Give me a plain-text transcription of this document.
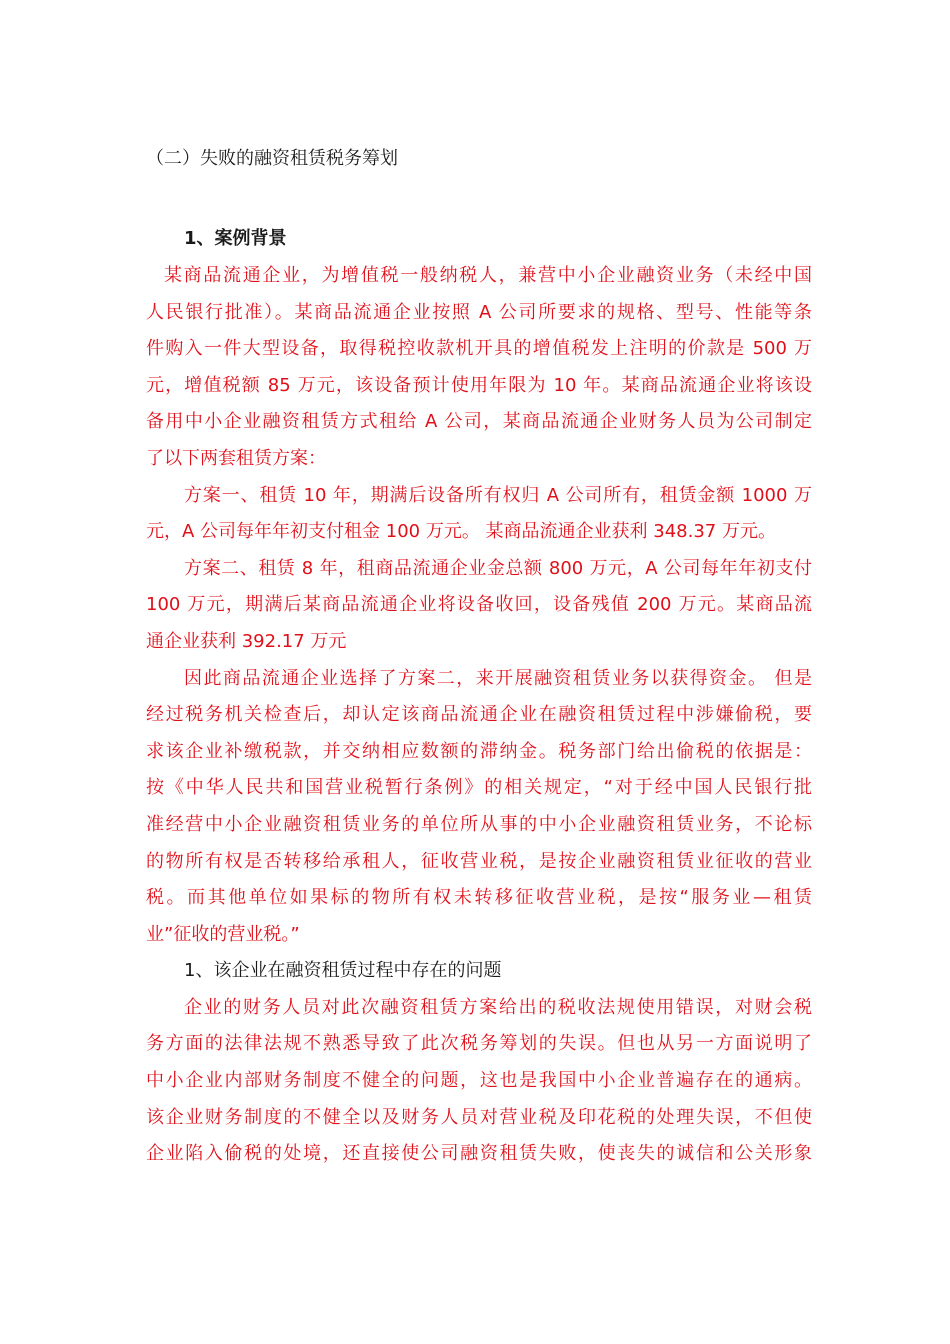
（二）失败的融资租赁税务筹划
1、案例背景
某商品流通企业，为增值税一般纳税人，兼营中小企业融资业务（未经中国
人民银行批准）。某商品流通企业按照 A 公司所要求的规格、型号、性能等条
件购入一件大型设备，取得税控收款机开具的增值税发上注明的价款是 500 万
元，增值税额 85 万元，该设备预计使用年限为 10 年。某商品流通企业将该设
备用中小企业融资租赁方式租给 A 公司，某商品流通企业财务人员为公司制定
了以下两套租赁方案：
方案一、租赁 10 年，期满后设备所有权归 A 公司所有，租赁金额 1000 万
元，A 公司每年年初支付租金 100 万元。 某商品流通企业获利 348.37 万元。
方案二、租赁 8 年，租商品流通企业金总额 800 万元，A 公司每年年初支付
100 万元，期满后某商品流通企业将设备收回，设备残值 200 万元。某商品流
通企业获利 392.17 万元
因此商品流通企业选择了方案二，来开展融资租赁业务以获得资金。 但是
经过税务机关检查后，却认定该商品流通企业在融资租赁过程中涉嫌偷税，要
求该企业补缴税款，并交纳相应数额的滞纳金。税务部门给出偷税的依据是：
按《中华人民共和国营业税暂行条例》的相关规定，“对于经中国人民银行批
准经营中小企业融资租赁业务的单位所从事的中小企业融资租赁业务，不论标
的物所有权是否转移给承租人，征收营业税，是按企业融资租赁业征收的营业
税。而其他单位如果标的物所有权未转移征收营业税，是按“服务业—租赁
业”征收的营业税。”
1、该企业在融资租赁过程中存在的问题
企业的财务人员对此次融资租赁方案给出的税收法规使用错误，对财会税
务方面的法律法规不熟悉导致了此次税务筹划的失误。但也从另一方面说明了
中小企业内部财务制度不健全的问题，这也是我国中小企业普遍存在的通病。
该企业财务制度的不健全以及财务人员对营业税及印花税的处理失误，不但使
企业陷入偷税的处境，还直接使公司融资租赁失败，使丧失的诚信和公关形象
